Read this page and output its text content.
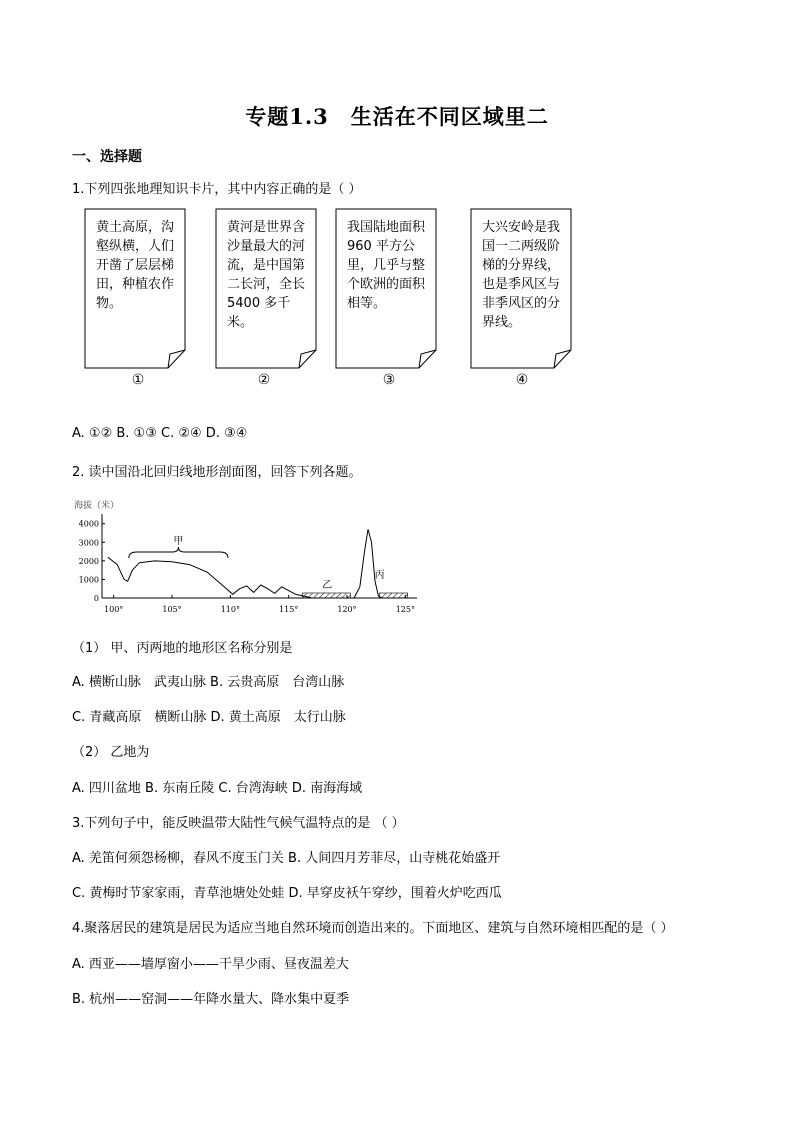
专题1.3　生活在不同区域里二
一、选择题
1.下列四张地理知识卡片，其中内容正确的是（ ）
黄土高原，沟壑纵横，人们开凿了层层梯田，种植农作物。
黄河是世界含沙量最大的河流，是中国第二长河，全长 5400 多千米。
我国陆地面积 960 平方公里，几乎与整个欧洲的面积相等。
大兴安岭是我国一二两级阶梯的分界线，也是季风区与非季风区的分界线。
①	②	③	④
A. ①② B. ①③ C. ②④ D. ③④
2. 读中国沿北回归线地形剖面图，回答下列各题。
海拔（米）
4000
3000
2000
1000
0
100°	105°	110°	115°	120°	125°
甲
乙
丙
（1） 甲、丙两地的地形区名称分别是
A. 横断山脉　武夷山脉 B. 云贵高原　台湾山脉
C. 青藏高原　横断山脉 D. 黄土高原　太行山脉
（2） 乙地为
A. 四川盆地 B. 东南丘陵 C. 台湾海峡 D. 南海海域
3.下列句子中，能反映温带大陆性气候气温特点的是 （ ）
A. 羌笛何须怨杨柳，春风不度玉门关 B. 人间四月芳菲尽，山寺桃花始盛开
C. 黄梅时节家家雨，青草池塘处处蛙 D. 早穿皮袄午穿纱，围着火炉吃西瓜
4.聚落居民的建筑是居民为适应当地自然环境而创造出来的。下面地区、建筑与自然环境相匹配的是（ ）
A. 西亚——墙厚窗小——干旱少雨、昼夜温差大
B. 杭州——窑洞——年降水量大、降水集中夏季
